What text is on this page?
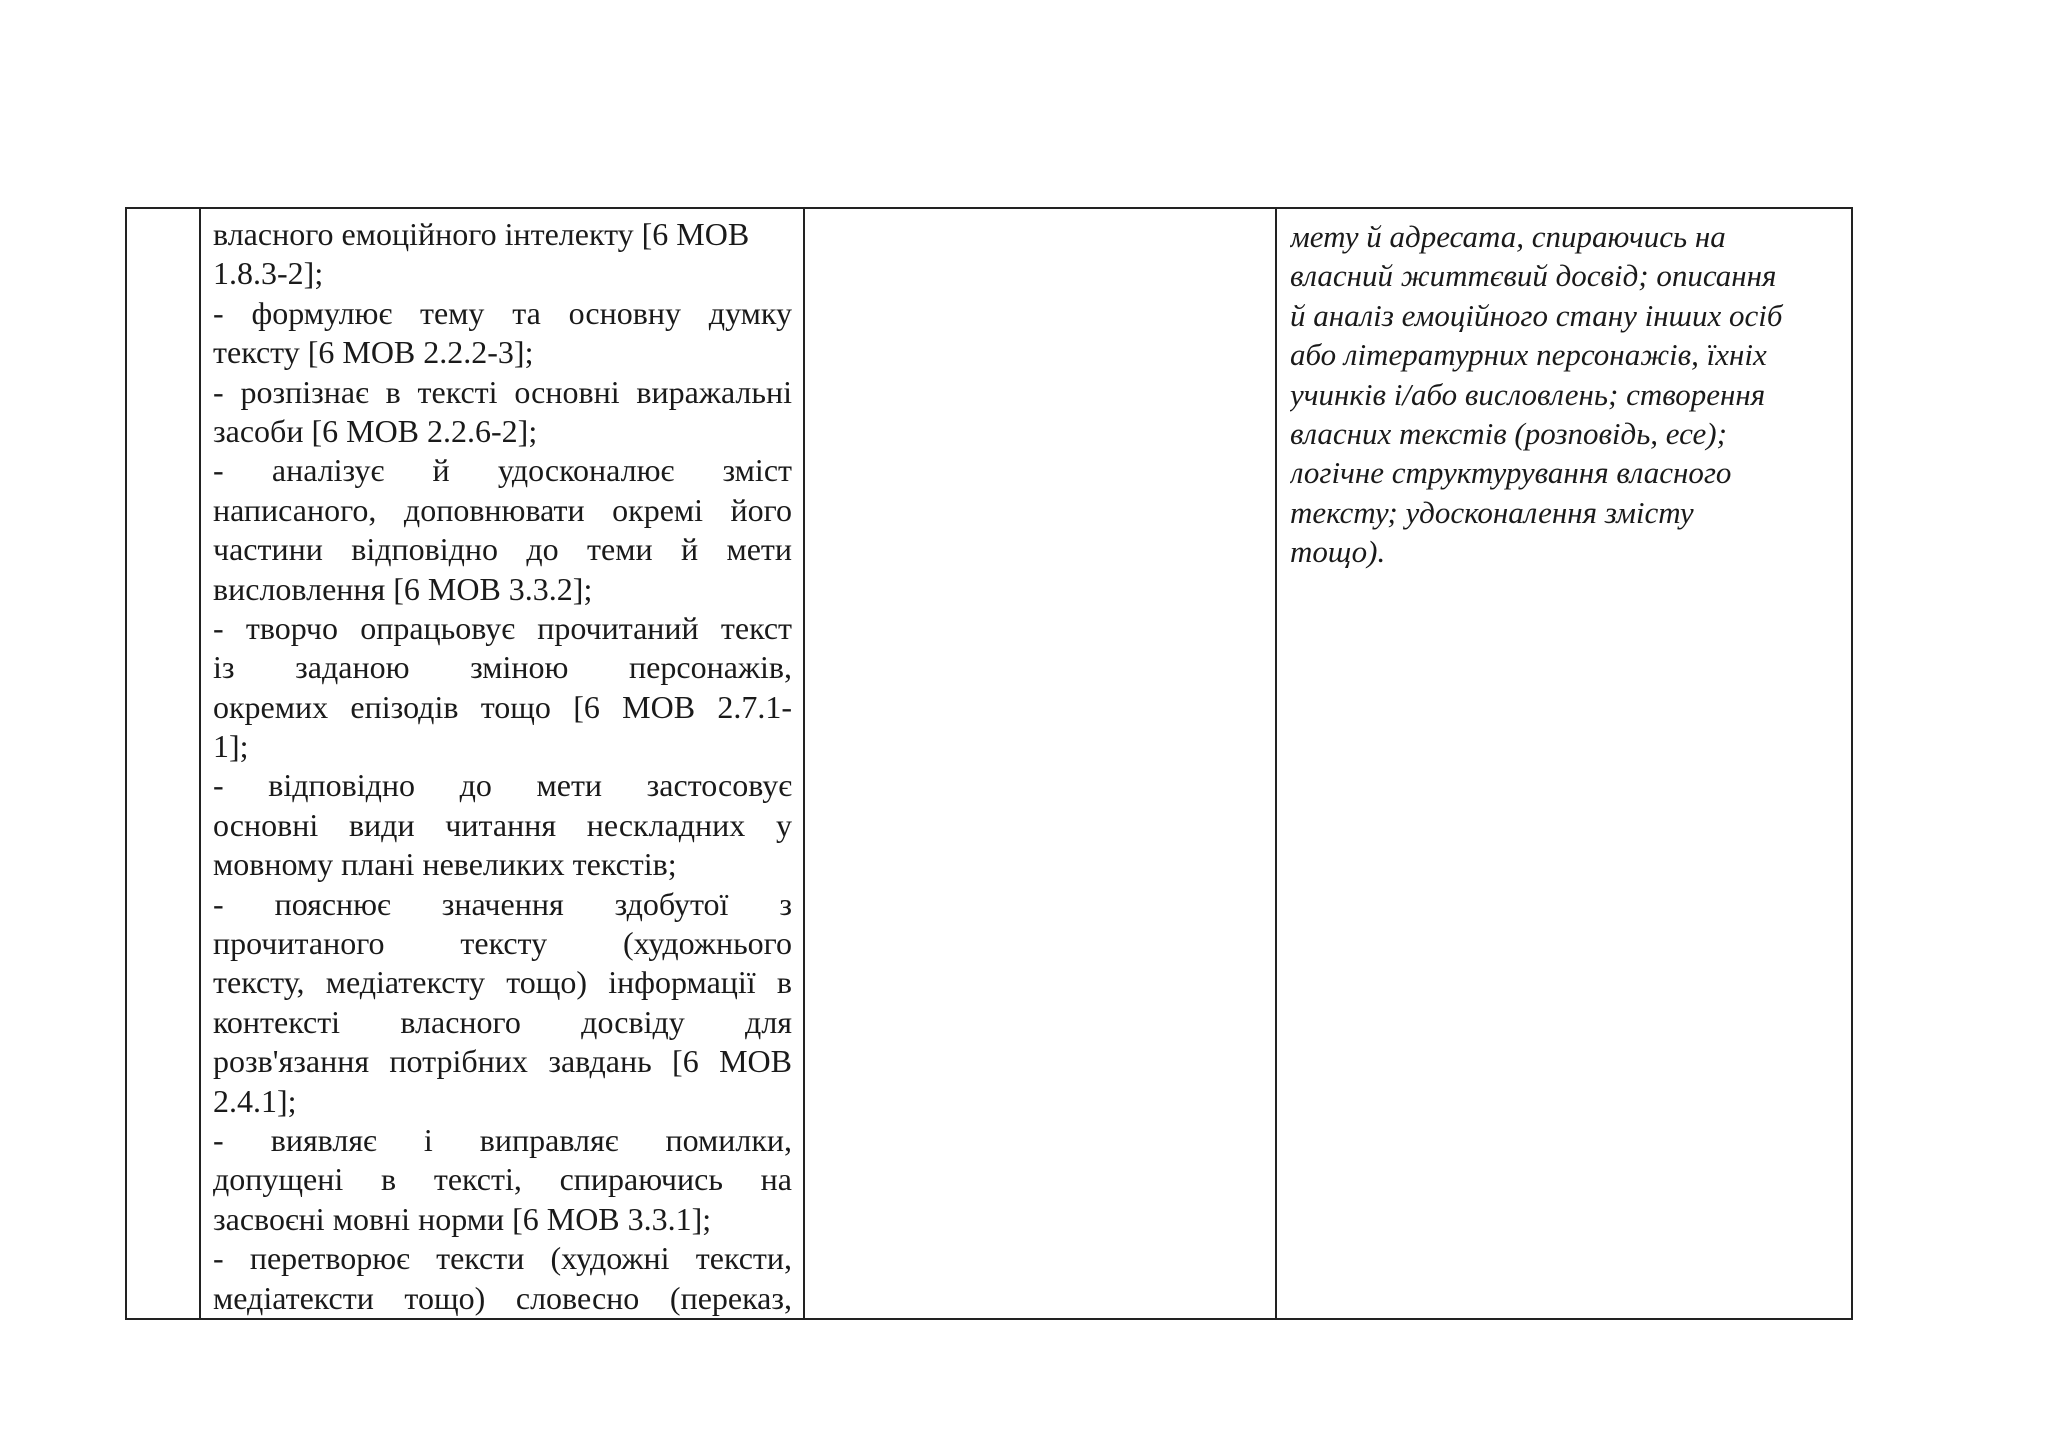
власного емоційного інтелекту [6 МОВ
1.8.3-2];
- формулює тему та основну думку
тексту [6 МОВ 2.2.2-3];
- розпізнає в тексті основні виражальні
засоби [6 МОВ 2.2.6-2];
- аналізує й удосконалює зміст
написаного, доповнювати окремі його
частини відповідно до теми й мети
висловлення [6 МОВ 3.3.2];
- творчо опрацьовує прочитаний текст
із заданою зміною персонажів,
окремих епізодів тощо [6 МОВ 2.7.1-
1];
- відповідно до мети застосовує
основні види читання нескладних у
мовному плані невеликих текстів;
- пояснює значення здобутої з
прочитаного тексту (художнього
тексту, медіатексту тощо) інформації в
контексті власного досвіду для
розв'язання потрібних завдань [6 МОВ
2.4.1];
- виявляє і виправляє помилки,
допущені в тексті, спираючись на
засвоєні мовні норми [6 МОВ 3.3.1];
- перетворює тексти (художні тексти,
медіатексти тощо) словесно (переказ,

мету й адресата, спираючись на
власний життєвий досвід; описання
й аналіз емоційного стану інших осіб
або літературних персонажів, їхніх
учинків і/або висловлень; створення
власних текстів (розповідь, есе);
логічне структурування власного
тексту; удосконалення змісту
тощо).
